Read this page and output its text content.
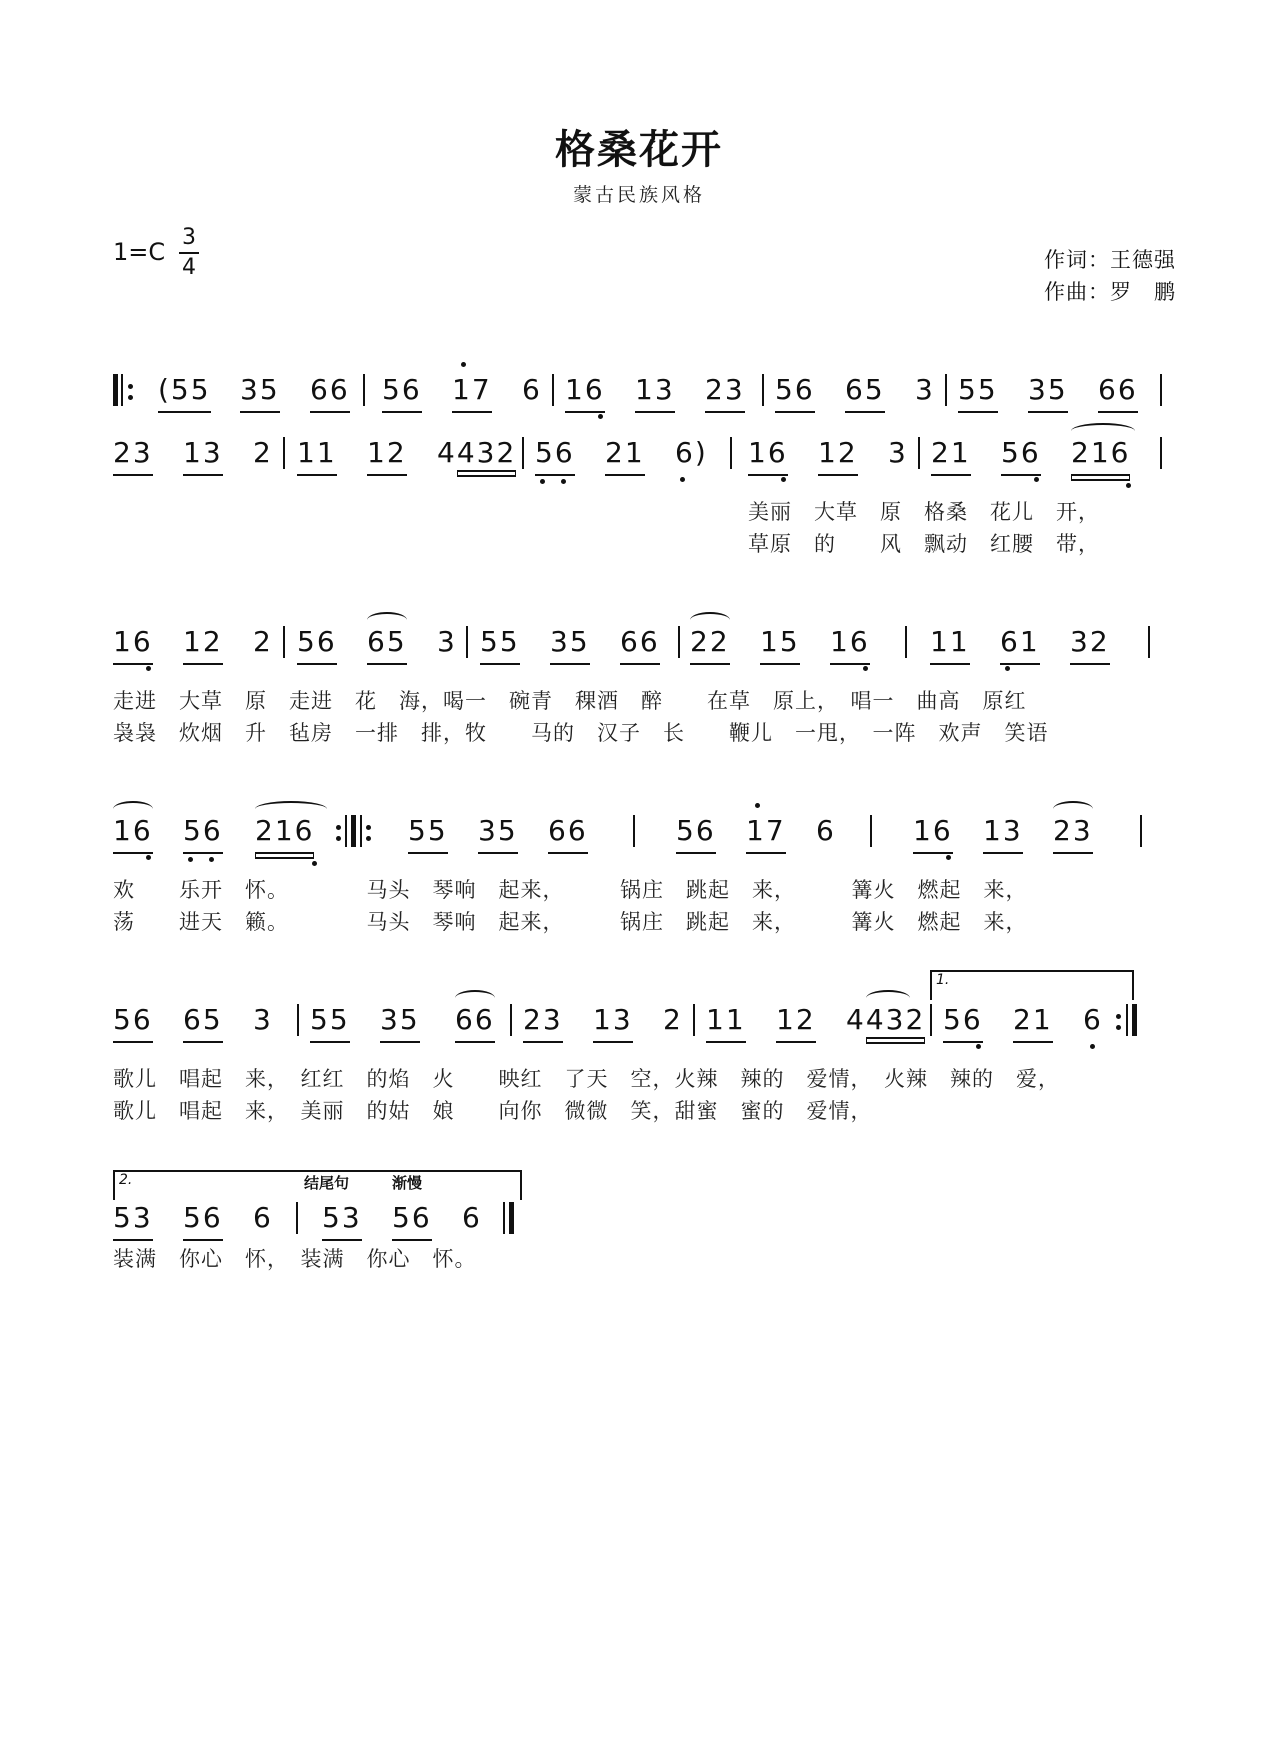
格桑花开
蒙古民族风格
1=C
3
4	作词：王德强
作曲：罗　鹏
(55 35 66 56 17 6 16 13 23 56 65 3 55 35 66
23 13 2 11 12 4432 56 21 6) 16 12 3 21 56 216
美丽　大草　原　格桑　花儿　开，
草原　的　　风　飘动　红腰　带，
16 12 2 56 65 3 55 35 66 22 15 16 11 61 32
走进　大草　原　走进　花　海，喝一　碗青　稞酒　醉　　在草　原上，　唱一　曲高　原红
袅袅　炊烟　升　毡房　一排　排，牧　　马的　汉子　长　　鞭儿　一甩，　一阵　欢声　笑语
16 56 216	55 35 66	56 17 6	16 13 23
欢　　乐开　怀。　　　　马头　琴响　起来，　　　锅庄　跳起　来，　　　篝火　燃起　来，
荡　　进天　籁。　　　　马头　琴响　起来，　　　锅庄　跳起　来，　　　篝火　燃起　来，
56 65 3 55 35 66 23 13 2 11 12 4432 56 21 6
1.
歌儿　唱起　来，　红红　的焰　火　　映红　了天　空，火辣　辣的　爱情，　火辣　辣的　爱，
歌儿　唱起　来，　美丽　的姑　娘　　向你　微微　笑，甜蜜　蜜的　爱情，
2.	结尾句	渐慢
53 56 6 53 56 6
装满　你心　怀，　装满　你心　怀。
